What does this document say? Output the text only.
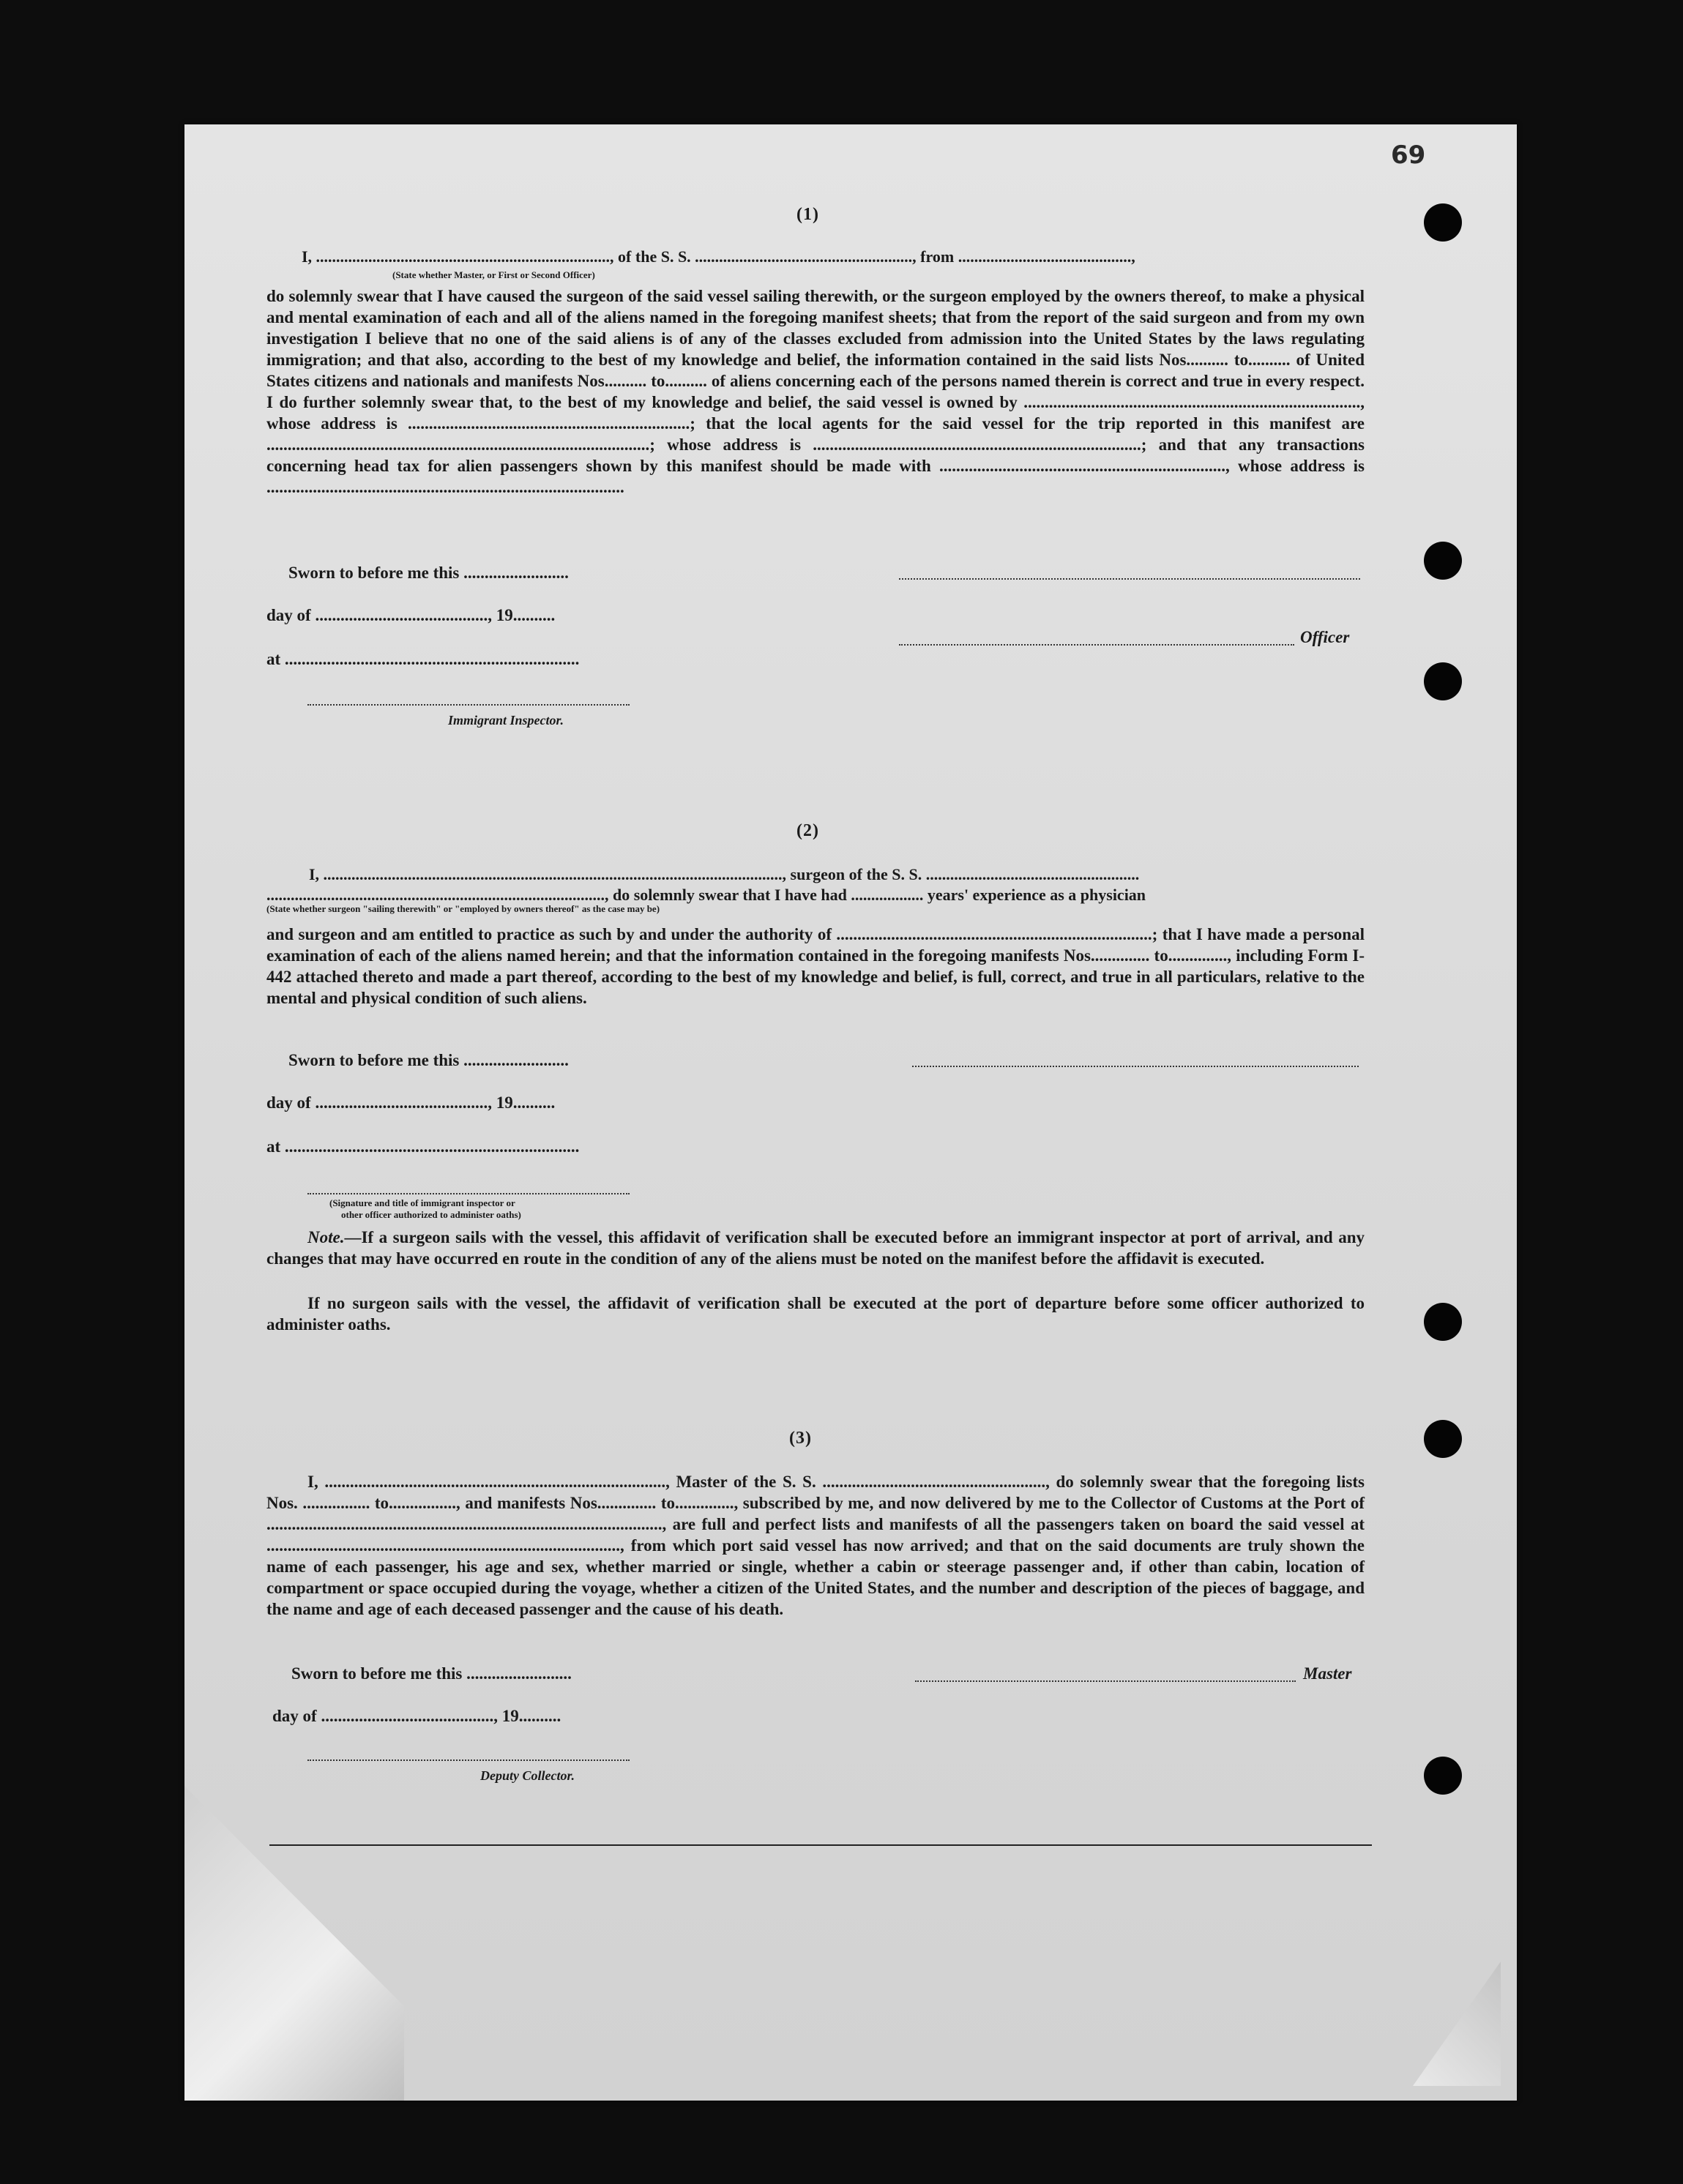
69
(1)
I, ........................................................................., of the S. S. ......................................................, from ...........................................,
(State whether Master, or First or Second Officer)

do solemnly swear that I have caused the surgeon of the said vessel sailing therewith, or the surgeon employed by the owners thereof, to make a physical and mental examination of each and all of the aliens named in the foregoing manifest sheets; that from the report of the said surgeon and from my own investigation I believe that no one of the said aliens is of any of the classes excluded from admission into the United States by the laws regulating immigration; and that also, according to the best of my knowledge and belief, the information contained in the said lists Nos.......... to.......... of United States citizens and nationals and manifests Nos.......... to.......... of aliens concerning each of the persons named therein is correct and true in every respect. I do further solemnly swear that, to the best of my knowledge and belief, the said vessel is owned by ................................................................................, whose address is ...................................................................; that the local agents for the said vessel for the trip reported in this manifest are ...........................................................................................; whose address is ..............................................................................; and that any transactions concerning head tax for alien passengers shown by this manifest should be made with ...................................................................., whose address is .....................................................................................

Sworn to before me this .........................
day of ........................................., 19..........
Officer
at ......................................................................
Immigrant Inspector.
(2)
I, .................................................................................................................., surgeon of the S. S. .....................................................
...................................................................................., do solemnly swear that I have had .................. years' experience as a physician
(State whether surgeon "sailing therewith" or "employed by owners thereof" as the case may be)

and surgeon and am entitled to practice as such by and under the authority of ...........................................................................; that I have made a personal examination of each of the aliens named herein; and that the information contained in the foregoing manifests Nos.............. to.............., including Form I-442 attached thereto and made a part thereof, according to the best of my knowledge and belief, is full, correct, and true in all particulars, relative to the mental and physical condition of such aliens.

Sworn to before me this .........................
day of ........................................., 19..........
at ......................................................................
(Signature and title of immigrant inspector or
other officer authorized to administer oaths)

Note.—If a surgeon sails with the vessel, this affidavit of verification shall be executed before an immigrant inspector at port of arrival, and any changes that may have occurred en route in the condition of any of the aliens must be noted on the manifest before the affidavit is executed.

If no surgeon sails with the vessel, the affidavit of verification shall be executed at the port of departure before some officer authorized to administer oaths.

(3)

I, ................................................................................., Master of the S. S. ....................................................., do solemnly swear that the foregoing lists Nos. ................ to................, and manifests Nos.............. to.............., subscribed by me, and now delivered by me to the Collector of Customs at the Port of .............................................................................................., are full and perfect lists and manifests of all the passengers taken on board the said vessel at ...................................................................................., from which port said vessel has now arrived; and that on the said documents are truly shown the name of each passenger, his age and sex, whether married or single, whether a cabin or steerage passenger and, if other than cabin, location of compartment or space occupied during the voyage, whether a citizen of the United States, and the number and description of the pieces of baggage, and the name and age of each deceased passenger and the cause of his death.

Sworn to before me this .........................	Master
day of ........................................., 19..........
Deputy Collector.
